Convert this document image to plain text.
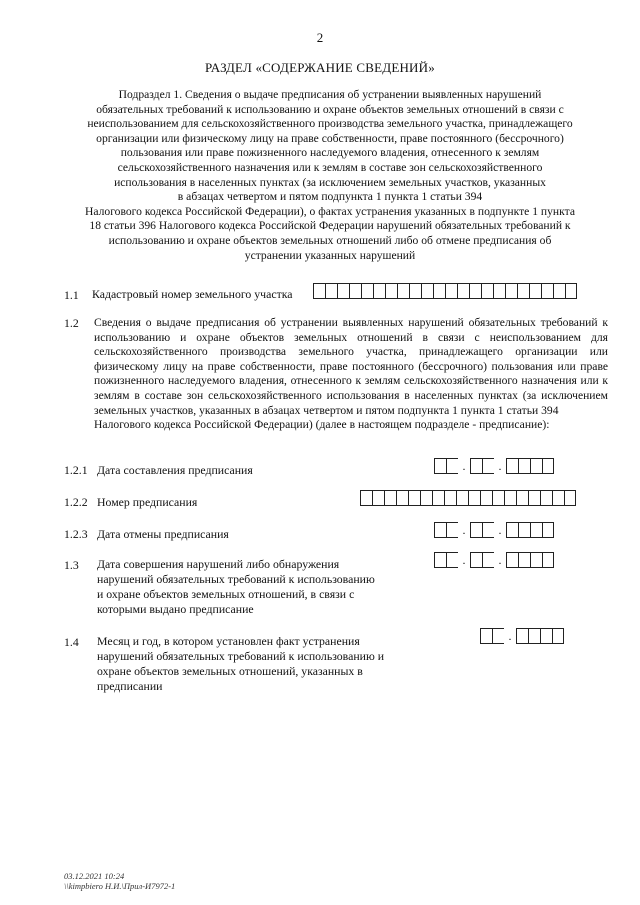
2
РАЗДЕЛ «СОДЕРЖАНИЕ СВЕДЕНИЙ»
Подраздел 1. Сведения о выдаче предписания об устранении выявленных нарушений
обязательных требований к использованию и охране объектов земельных отношений в связи с
неиспользованием для сельскохозяйственного производства земельного участка, принадлежащего
организации или физическому лицу на праве собственности, праве постоянного (бессрочного)
пользования или праве пожизненного наследуемого владения, отнесенного к землям
сельскохозяйственного назначения или к землям в составе зон сельскохозяйственного
использования в населенных пунктах (за исключением земельных участков, указанных
в абзацах четвертом и пятом подпункта 1 пункта 1 статьи 394
Налогового кодекса Российской Федерации), о фактах устранения указанных в подпункте 1 пункта
18 статьи 396 Налогового кодекса Российской Федерации нарушений обязательных требований к
использованию и охране объектов земельных отношений либо об отмене предписания об
устранении указанных нарушений
1.1 Кадастровый номер земельного участка
1.2 Сведения о выдаче предписания об устранении выявленных нарушений обязательных требований к использованию и охране объектов земельных отношений в связи с неиспользованием для сельскохозяйственного производства земельного участка, принадлежащего организации или физическому лицу на праве собственности, праве постоянного (бессрочного) пользования или праве пожизненного наследуемого владения, отнесенного к землям сельскохозяйственного назначения или к землям в составе зон сельскохозяйственного использования в населенных пунктах (за исключением земельных участков, указанных в абзацах четвертом и пятом подпункта 1 пункта 1 статьи 394
Налогового кодекса Российской Федерации) (далее в настоящем подразделе - предписание):
1.2.1 Дата составления предписания	.	.
1.2.2 Номер предписания
1.2.3 Дата отмены предписания	.	.
1.3 Дата совершения нарушений либо обнаружения
нарушений обязательных требований к использованию
и охране объектов земельных отношений, в связи с
которыми выдано предписание
.	.
1.4 Месяц и год, в котором установлен факт устранения
нарушений обязательных требований к использованию и
охране объектов земельных отношений, указанных в
предписании
.
03.12.2021 10:24
\\kimpbiero Н.И.\Прил-И7972-1
